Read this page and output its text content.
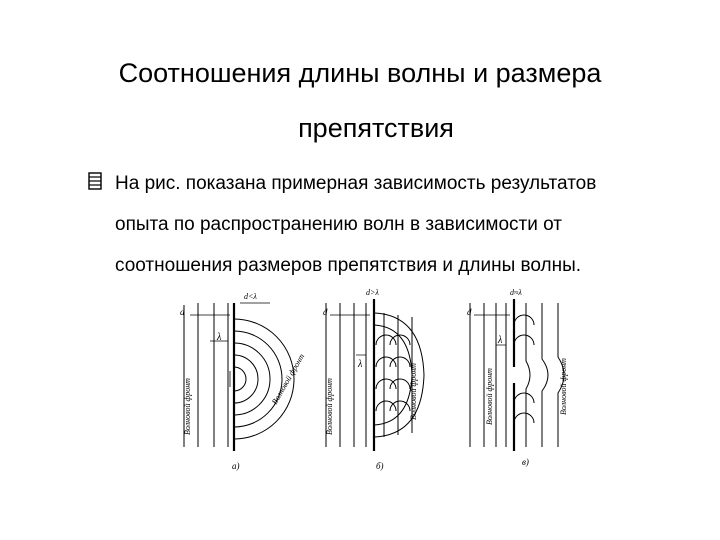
Соотношения длины волны и размера
препятствия
На рис. показана примерная зависимость результатов
опыта по распространению волн в зависимости от
соотношения размеров препятствия и длины волны.
d
λ
d<λ
Волновой фронт	Волновой фронт
a)
d
λ
d>λ
Волновой фронт	Волновой фронт
б)
d
λ
d≈λ
Волновой фронт	Волновой фронт
в)
